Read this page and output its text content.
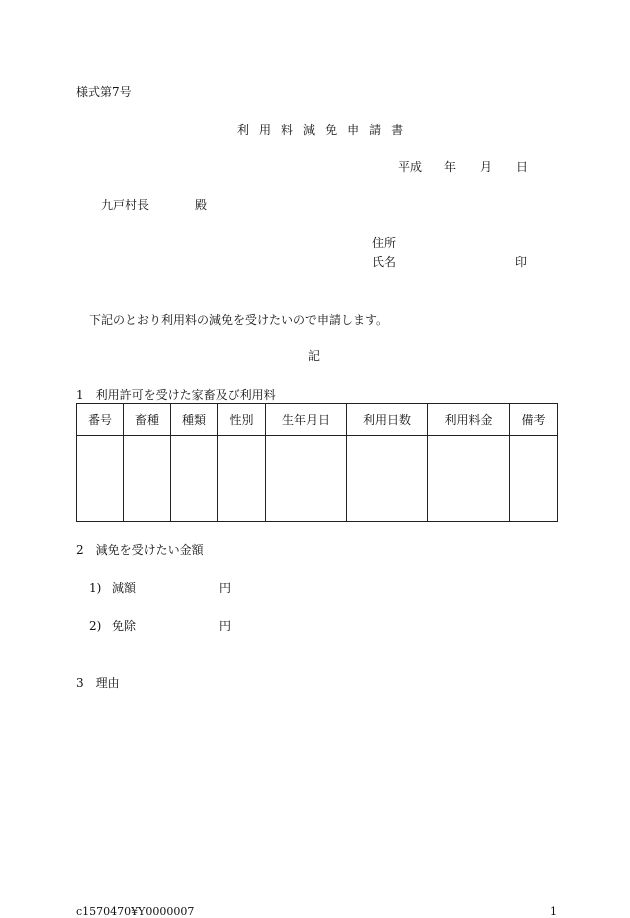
様式第7号
利 用 料 減 免 申 請 書
平成 年 月 日
九戸村長	殿
住所
氏名	印
下記のとおり利用料の減免を受けたいので申請します。
記
1　利用許可を受けた家畜及び利用料
番号	畜種	種類	性別	生年月日	利用日数	利用料金	備考

2　減免を受けたい金額
1) 減額	円
2) 免除	円
3　理由
c1570470¥Y0000007	1
